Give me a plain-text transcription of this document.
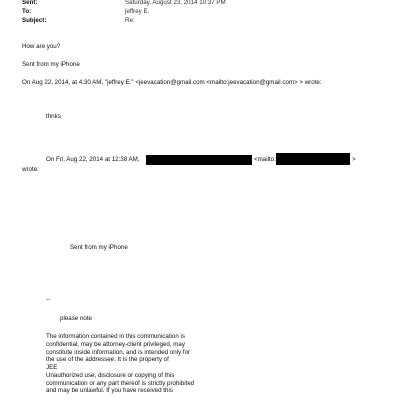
Sent:	Saturday, August 23, 2014 10:37 PM
To:	jeffrey E.
Subject:	Re:
How are you?
Sent from my iPhone
On Aug 22, 2014, at 4:30 AM, "jeffrey E." <jeevacation@gmail.com <mailto:jeevacation@gmail.com> > wrote:
thnks
On Fri, Aug 22, 2014 at 12:38 AM,	<mailto:	>
wrote:
Sent from my iPhone
--
please note
The information contained in this communication is
confidential, may be attorney-client privileged, may
constitute inside information, and is intended only for
the use of the addressee. It is the property of
JEE
Unauthorized use, disclosure or copying of this
communication or any part thereof is strictly prohibited
and may be unlawful. If you have received this
